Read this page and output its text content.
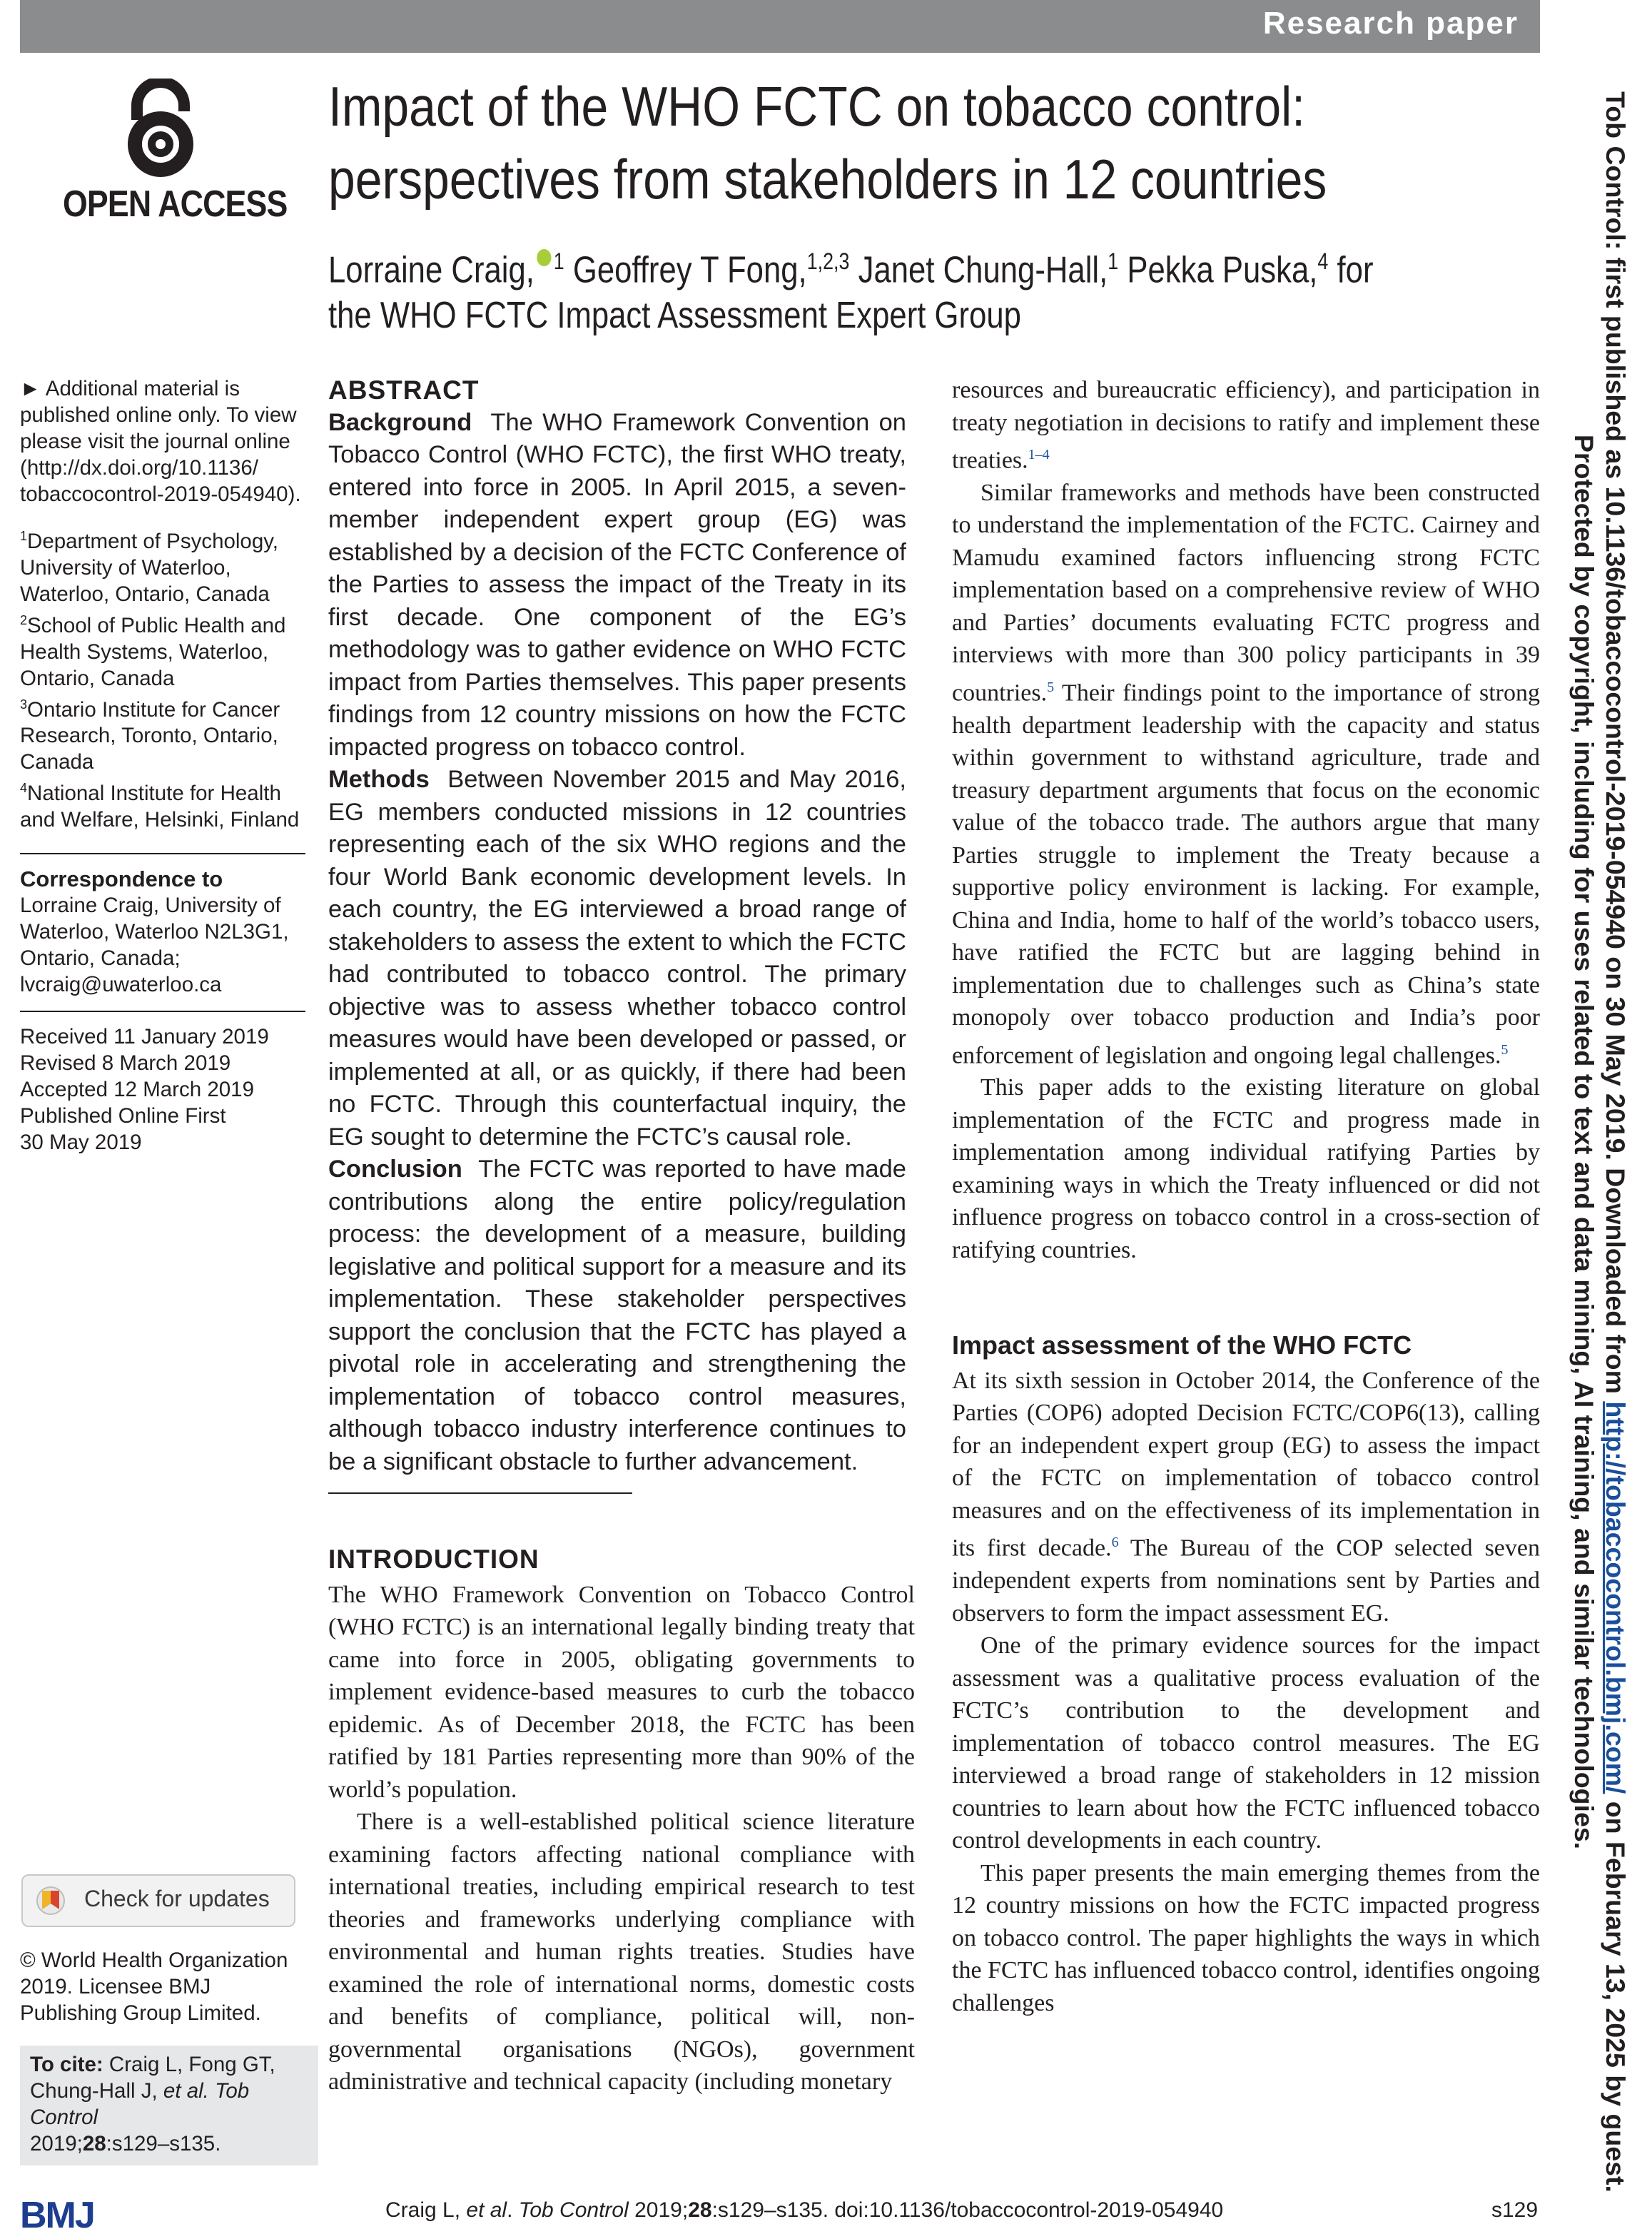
Research paper
OPEN ACCESS
Impact of the WHO FCTC on tobacco control:
perspectives from stakeholders in 12 countries
Lorraine Craig, $^1$ Geoffrey T Fong,$^{1,2,3}$ Janet Chung-Hall,$^1$ Pekka Puska,$^4$ for the WHO FCTC Impact Assessment Expert Group

► Additional material is
published online only. To view
please visit the journal online
(http://dx.doi.org/10.1136/
tobaccocontrol-2019-054940).

$^1$Department of Psychology, University of Waterloo, Waterloo, Ontario, Canada

$^2$School of Public Health and Health Systems, Waterloo, Ontario, Canada

$^3$Ontario Institute for Cancer Research, Toronto, Ontario, Canada

$^4$National Institute for Health and Welfare, Helsinki, Finland

Correspondence to

Lorraine Craig, University of Waterloo, Waterloo N2L3G1, Ontario, Canada;

lvcraig@uwaterloo.ca

Received 11 January 2019

Revised 8 March 2019

Accepted 12 March 2019

Published Online First

30 May 2019

Check for updates
© World Health Organization 2019. Licensee BMJ Publishing Group Limited.
To cite: Craig L, Fong GT, Chung-Hall J, et al. Tob Control
2019;28:s129–s135.
ABSTRACT

Background The WHO Framework Convention on Tobacco Control (WHO FCTC), the first WHO treaty, entered into force in 2005. In April 2015, a seven-member independent expert group (EG) was established by a decision of the FCTC Conference of the Parties to assess the impact of the Treaty in its first decade. One component of the EG’s methodology was to gather evidence on WHO FCTC impact from Parties themselves. This paper presents findings from 12 country missions on how the FCTC impacted progress on tobacco control.

Methods Between November 2015 and May 2016, EG members conducted missions in 12 countries representing each of the six WHO regions and the four World Bank economic development levels. In each country, the EG interviewed a broad range of stakeholders to assess the extent to which the FCTC had contributed to tobacco control. The primary objective was to assess whether tobacco control measures would have been developed or passed, or implemented at all, or as quickly, if there had been no FCTC. Through this counterfactual inquiry, the EG sought to determine the FCTC’s causal role.

Conclusion The FCTC was reported to have made contributions along the entire policy/regulation process: the development of a measure, building legislative and political support for a measure and its implementation. These stakeholder perspectives support the conclusion that the FCTC has played a pivotal role in accelerating and strengthening the implementation of tobacco control measures, although tobacco industry interference continues to be a significant obstacle to further advancement.

INTRODUCTION

The WHO Framework Convention on Tobacco Control (WHO FCTC) is an international legally binding treaty that came into force in 2005, obligating governments to implement evidence-based measures to curb the tobacco epidemic. As of December 2018, the FCTC has been ratified by 181 Parties representing more than 90% of the world’s population.

There is a well-established political science literature examining factors affecting national compliance with international treaties, including empirical research to test theories and frameworks underlying compliance with environmental and human rights treaties. Studies have examined the role of international norms, domestic costs and benefits of compliance, political will, non-governmental organisations (NGOs), government administrative and technical capacity (including monetary

resources and bureaucratic efficiency), and participation in treaty negotiation in decisions to ratify and implement these treaties.$^{1-4}$

Similar frameworks and methods have been constructed to understand the implementation of the FCTC. Cairney and Mamudu examined factors influencing strong FCTC implementation based on a comprehensive review of WHO and Parties’ documents evaluating FCTC progress and interviews with more than 300 policy participants in 39 countries.$^5$ Their findings point to the importance of strong health department leadership with the capacity and status within government to withstand agriculture, trade and treasury department arguments that focus on the economic value of the tobacco trade. The authors argue that many Parties struggle to implement the Treaty because a supportive policy environment is lacking. For example, China and India, home to half of the world’s tobacco users, have ratified the FCTC but are lagging behind in implementation due to challenges such as China’s state monopoly over tobacco production and India’s poor enforcement of legislation and ongoing legal challenges.$^5$

This paper adds to the existing literature on global implementation of the FCTC and progress made in implementation among individual ratifying Parties by examining ways in which the Treaty influenced or did not influence progress on tobacco control in a cross-section of ratifying countries.

Impact assessment of the WHO FCTC

At its sixth session in October 2014, the Conference of the Parties (COP6) adopted Decision FCTC/COP6(13), calling for an independent expert group (EG) to assess the impact of the FCTC on implementation of tobacco control measures and on the effectiveness of its implementation in its first decade.$^6$ The Bureau of the COP selected seven independent experts from nominations sent by Parties and observers to form the impact assessment EG.

One of the primary evidence sources for the impact assessment was a qualitative process evaluation of the FCTC’s contribution to the development and implementation of tobacco control measures. The EG interviewed a broad range of stakeholders in 12 mission countries to learn about how the FCTC influenced tobacco control developments in each country.

This paper presents the main emerging themes from the 12 country missions on how the FCTC impacted progress on tobacco control. The paper highlights the ways in which the FCTC has influenced tobacco control, identifies ongoing challenges

Tob Control: first published as 10.1136/tobaccocontrol-2019-054940 on 30 May 2019. Downloaded from http://tobaccocontrol.bmj.com/ on February 13, 2025 by guest.
Protected by copyright, including for uses related to text and data mining, AI training, and similar technologies.
BMJ	Craig L, et al. Tob Control 2019;28:s129–s135. doi:10.1136/tobaccocontrol-2019-054940	s129
